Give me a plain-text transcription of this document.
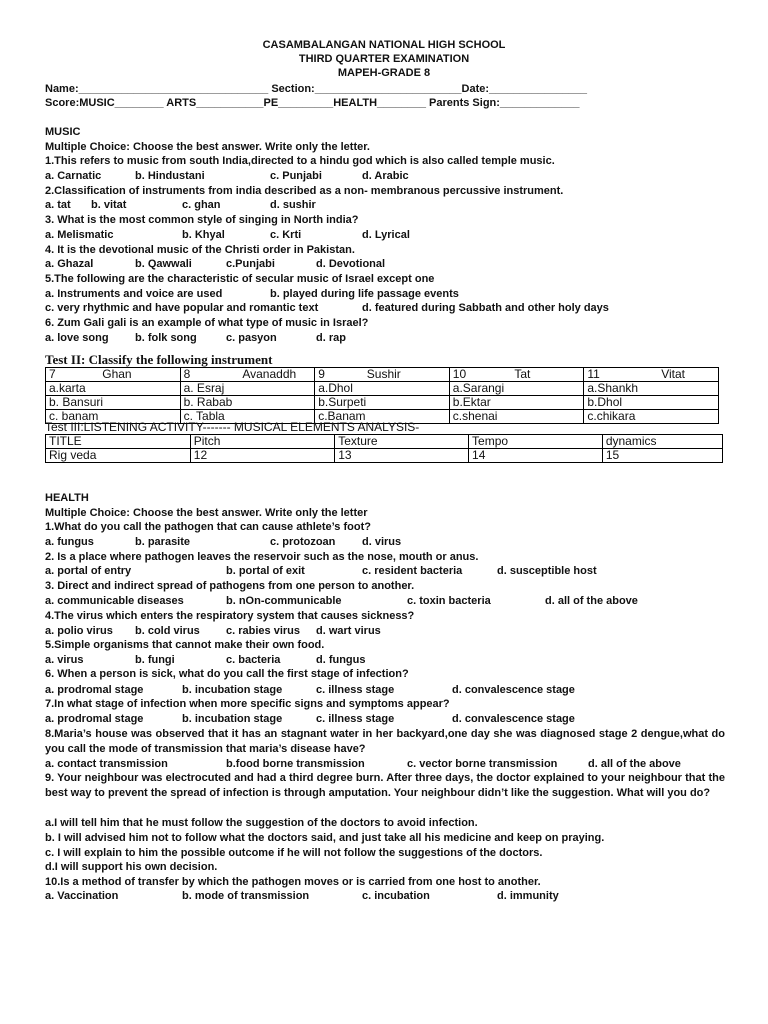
CASAMBALANGAN NATIONAL HIGH SCHOOL
THIRD QUARTER EXAMINATION
MAPEH-GRADE 8
Name:_______________________________ Section:________________________Date:________________
Score:MUSIC________ ARTS___________PE_________HEALTH________ Parents Sign:_____________
MUSIC
Multiple Choice: Choose the best answer. Write only the letter.
1.This refers to music from south India,directed to a hindu god which is also called temple music.
a. Carnatic	b. Hindustani	c. Punjabi	d. Arabic
2.Classification of instruments from india described as a non- membranous percussive instrument.
a. tat b. vitat	c. ghan	d. sushir
3. What is the most common style of singing in North india?
a. Melismatic	b. Khyal	c. Krti	d. Lyrical
4. It is the devotional music of the Christi order in Pakistan.
a. Ghazal	b. Qawwali	c.Punjabi	d. Devotional
5.The following are the characteristic of secular music of Israel except one
a. Instruments and voice are used	b. played during life passage events
c. very rhythmic and have popular and romantic text	d. featured during Sabbath and other holy days
6. Zum Gali gali is an example of what type of music in Israel?
a. love song b. folk song	c. pasyon	d. rap
Test II: Classify the following instrument
7 Ghan	8 Avanaddh	9 Sushir	10 Tat	11 Vitat

a.karta	a. Esraj	a.Dhol	a.Sarangi	a.Shankh
b. Bansuri	b. Rabab	b.Surpeti	b.Ektar	b.Dhol
c. banam	c. Tabla	c.Banam	c.shenai	c.chikara
Test III:LISTENING ACTIVITY------- MUSICAL ELEMENTS ANALYSIS-
TITLE	Pitch	Texture	Tempo	dynamics
Rig veda	12	13	14	15
HEALTH
Multiple Choice: Choose the best answer. Write only the letter
1.What do you call the pathogen that can cause athlete’s foot?
a. fungus	b. parasite	c. protozoan d. virus
2. Is a place where pathogen leaves the reservoir such as the nose, mouth or anus.
a. portal of entry	b. portal of exit	c. resident bacteria	d. susceptible host
3. Direct and indirect spread of pathogens from one person to another.
a. communicable diseases	b. nOn-communicable	c. toxin bacteria	d. all of the above
4.The virus which enters the respiratory system that causes sickness?
a. polio virus b. cold virus c. rabies virus d. wart virus
5.Simple organisms that cannot make their own food.
a. virus	b. fungi	c. bacteria	d. fungus
6. When a person is sick, what do you call the first stage of infection?
a. prodromal stage	b. incubation stage	c. illness stage	d. convalescence stage
7.In what stage of infection when more specific signs and symptoms appear?
a. prodromal stage	b. incubation stage	c. illness stage	d. convalescence stage
8.Maria’s house was observed that it has an stagnant water in her backyard,one day she was diagnosed stage 2 dengue,what do you call the mode of transmission that maria’s disease have?
a. contact transmission	b.food borne transmission	c. vector borne transmission	d. all of the above
9. Your neighbour was electrocuted and had a third degree burn. After three days, the doctor explained to your neighbour that the best way to prevent the spread of infection is through amputation. Your neighbour didn’t like the suggestion. What will you do?
a.I will tell him that he must follow the suggestion of the doctors to avoid infection.
b. I will advised him not to follow what the doctors said, and just take all his medicine and keep on praying.
c. I will explain to him the possible outcome if he will not follow the suggestions of the doctors.
d.I will support his own decision.
10.Is a method of transfer by which the pathogen moves or is carried from one host to another.
a. Vaccination	b. mode of transmission	c. incubation	d. immunity
